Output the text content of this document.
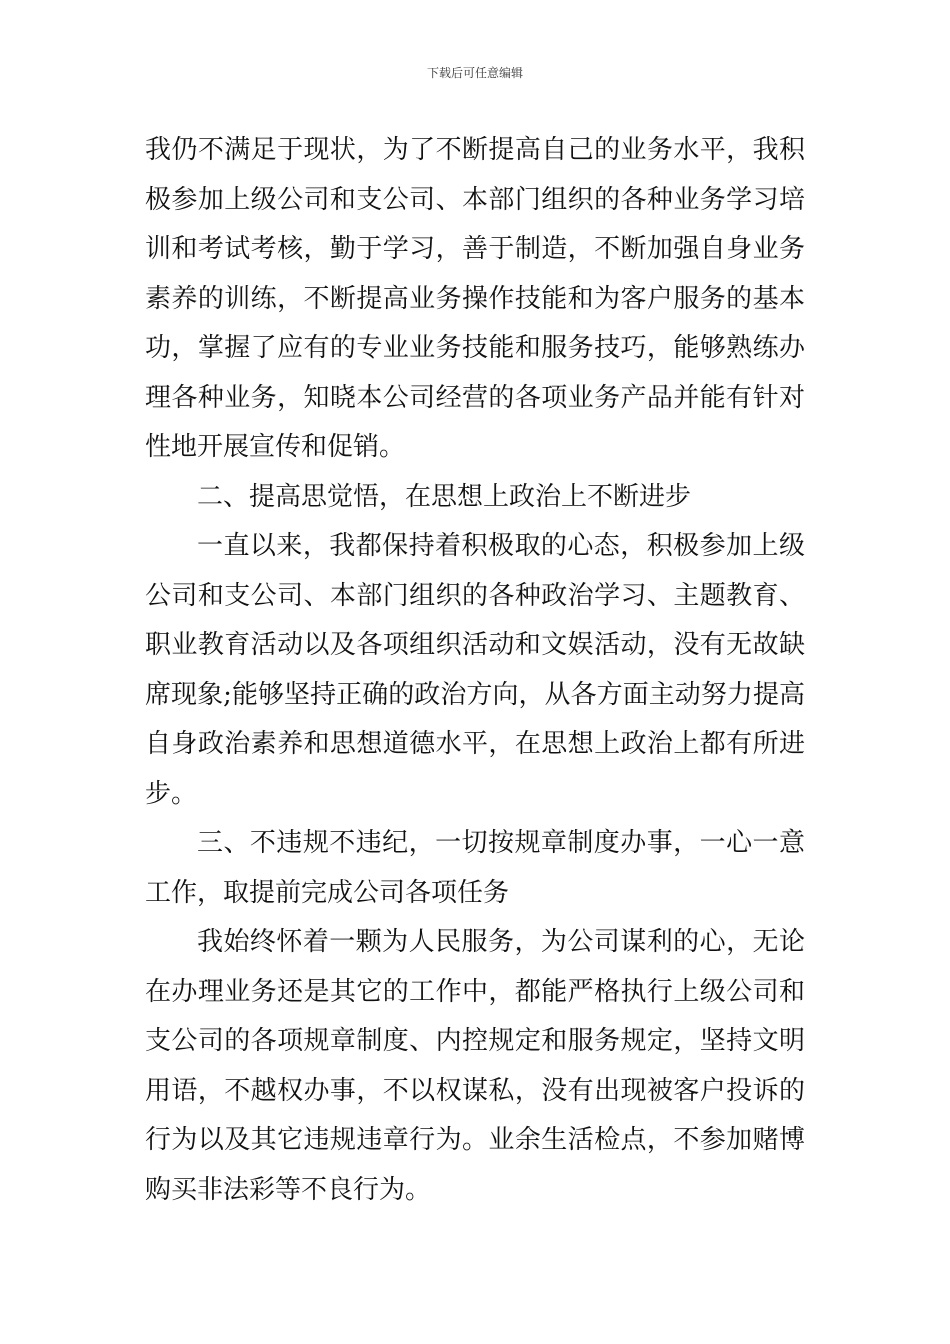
下载后可任意编辑

我仍不满足于现状，为了不断提高自己的业务水平，我积极参加上级公司和支公司、本部门组织的各种业务学习培训和考试考核，勤于学习，善于制造，不断加强自身业务素养的训练，不断提高业务操作技能和为客户服务的基本功，掌握了应有的专业业务技能和服务技巧，能够熟练办理各种业务，知晓本公司经营的各项业务产品并能有针对性地开展宣传和促销。

二、提高思觉悟，在思想上政治上不断进步

一直以来，我都保持着积极取的心态，积极参加上级公司和支公司、本部门组织的各种政治学习、主题教育、职业教育活动以及各项组织活动和文娱活动，没有无故缺席现象;能够坚持正确的政治方向，从各方面主动努力提高自身政治素养和思想道德水平，在思想上政治上都有所进步。

三、不违规不违纪，一切按规章制度办事，一心一意工作，取提前完成公司各项任务

我始终怀着一颗为人民服务，为公司谋利的心，无论在办理业务还是其它的工作中，都能严格执行上级公司和支公司的各项规章制度、内控规定和服务规定，坚持文明用语，不越权办事，不以权谋私，没有出现被客户投诉的行为以及其它违规违章行为。业余生活检点，不参加赌博购买非法彩等不良行为。
